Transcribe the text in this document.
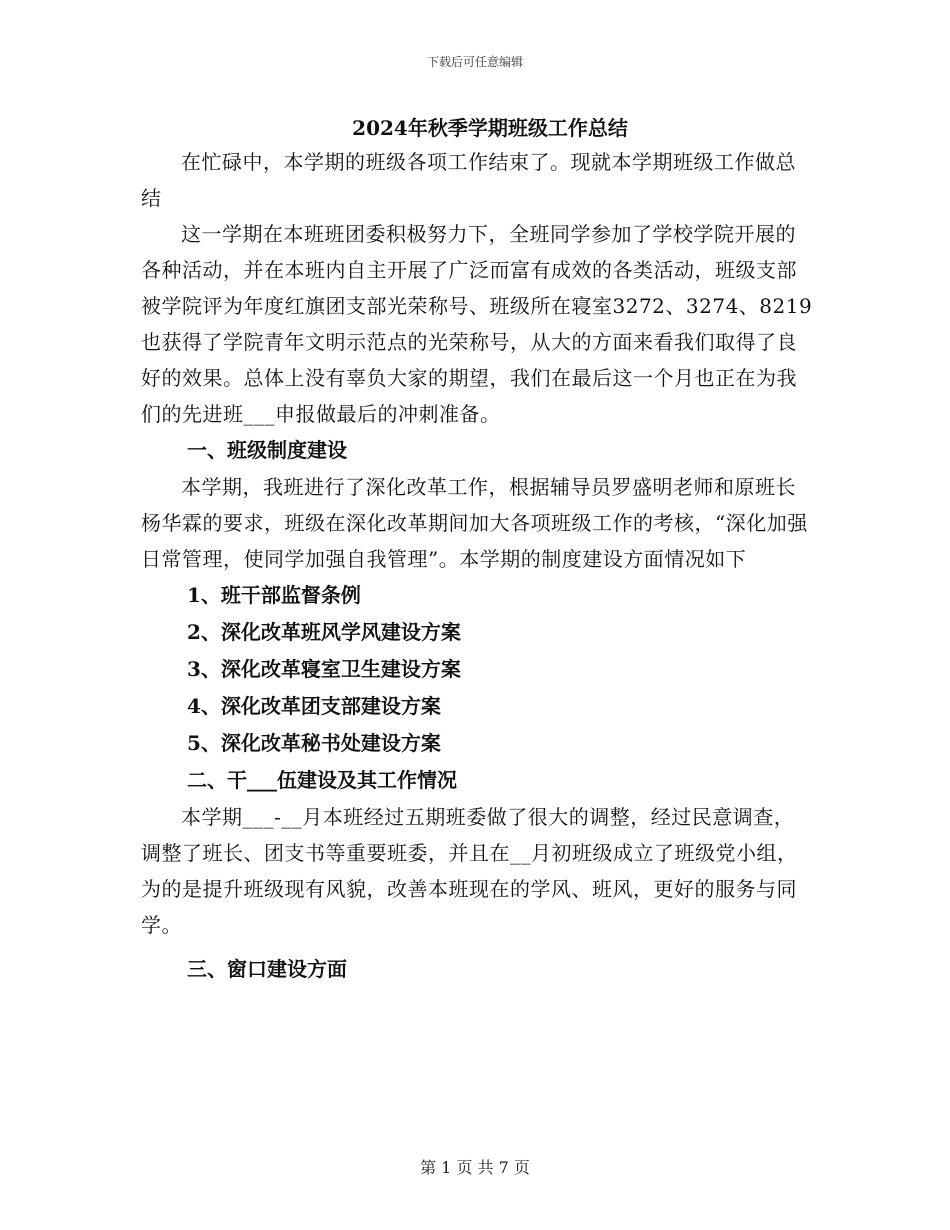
下载后可任意编辑

2024年秋季学期班级工作总结

在忙碌中，本学期的班级各项工作结束了。现就本学期班级工作做总结

这一学期在本班班团委积极努力下，全班同学参加了学校学院开展的各种活动，并在本班内自主开展了广泛而富有成效的各类活动，班级支部被学院评为年度红旗团支部光荣称号、班级所在寝室3272、3274、8219也获得了学院青年文明示范点的光荣称号，从大的方面来看我们取得了良好的效果。总体上没有辜负大家的期望，我们在最后这一个月也正在为我们的先进班___申报做最后的冲刺准备。

一、班级制度建设

本学期，我班进行了深化改革工作，根据辅导员罗盛明老师和原班长杨华霖的要求，班级在深化改革期间加大各项班级工作的考核，“深化加强日常管理，使同学加强自我管理”。本学期的制度建设方面情况如下

1、班干部监督条例

2、深化改革班风学风建设方案

3、深化改革寝室卫生建设方案

4、深化改革团支部建设方案

5、深化改革秘书处建设方案

二、干___伍建设及其工作情况

本学期___-__月本班经过五期班委做了很大的调整，经过民意调查，调整了班长、团支书等重要班委，并且在__月初班级成立了班级党小组，为的是提升班级现有风貌，改善本班现在的学风、班风，更好的服务与同学。

三、窗口建设方面

第 1 页 共 7 页
